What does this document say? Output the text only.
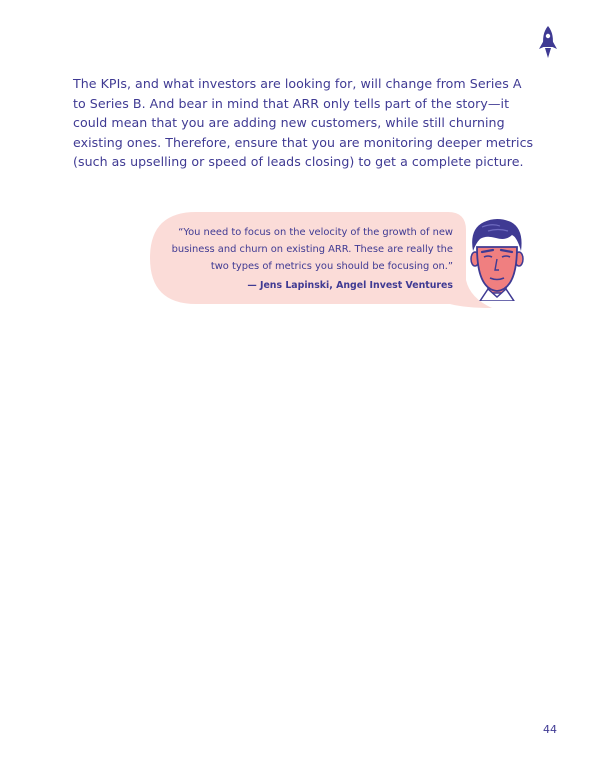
The KPIs, and what investors are looking for, will change from Series A to Series B. And bear in mind that ARR only tells part of the story—it could mean that you are adding new customers, while still churning existing ones. Therefore, ensure that you are monitoring deeper metrics (such as upselling or speed of leads closing) to get a complete picture.

“You need to focus on the velocity of the growth of new business and churn on existing ARR. These are really the two types of metrics you should be focusing on.”

— Jens Lapinski, Angel Invest Ventures

44
